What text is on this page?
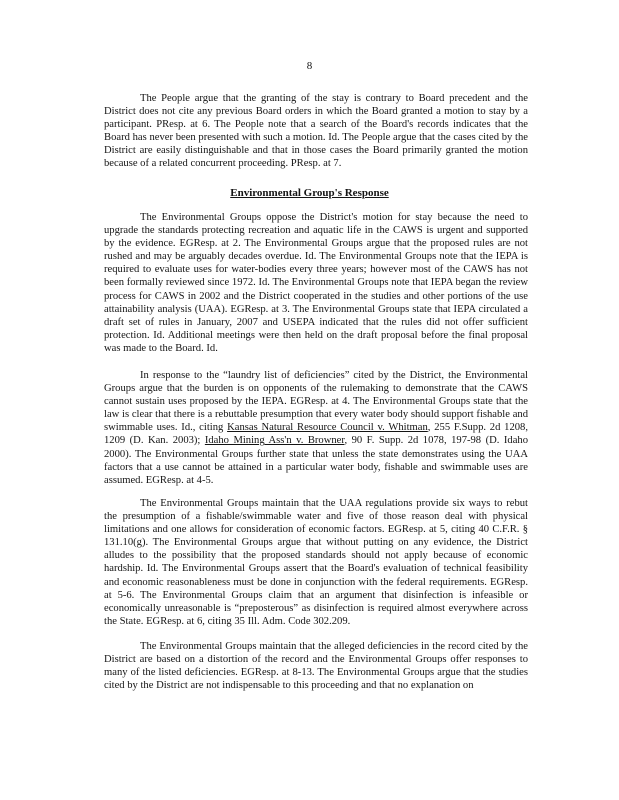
8

The People argue that the granting of the stay is contrary to Board precedent and the District does not cite any previous Board orders in which the Board granted a motion to stay by a participant. PResp. at 6. The People note that a search of the Board's records indicates that the Board has never been presented with such a motion. Id. The People argue that the cases cited by the District are easily distinguishable and that in those cases the Board primarily granted the motion because of a related concurrent proceeding. PResp. at 7.

Environmental Group's Response

The Environmental Groups oppose the District's motion for stay because the need to upgrade the standards protecting recreation and aquatic life in the CAWS is urgent and supported by the evidence. EGResp. at 2. The Environmental Groups argue that the proposed rules are not rushed and may be arguably decades overdue. Id. The Environmental Groups note that the IEPA is required to evaluate uses for water-bodies every three years; however most of the CAWS has not been formally reviewed since 1972. Id. The Environmental Groups note that IEPA began the review process for CAWS in 2002 and the District cooperated in the studies and other portions of the use attainability analysis (UAA). EGResp. at 3. The Environmental Groups state that IEPA circulated a draft set of rules in January, 2007 and USEPA indicated that the rules did not offer sufficient protection. Id. Additional meetings were then held on the draft proposal before the final proposal was made to the Board. Id.

In response to the “laundry list of deficiencies” cited by the District, the Environmental Groups argue that the burden is on opponents of the rulemaking to demonstrate that the CAWS cannot sustain uses proposed by the IEPA. EGResp. at 4. The Environmental Groups state that the law is clear that there is a rebuttable presumption that every water body should support fishable and swimmable uses. Id., citing Kansas Natural Resource Council v. Whitman, 255 F.Supp. 2d 1208, 1209 (D. Kan. 2003); Idaho Mining Ass'n v. Browner, 90 F. Supp. 2d 1078, 197-98 (D. Idaho 2000). The Environmental Groups further state that unless the state demonstrates using the UAA factors that a use cannot be attained in a particular water body, fishable and swimmable uses are assumed. EGResp. at 4-5.

The Environmental Groups maintain that the UAA regulations provide six ways to rebut the presumption of a fishable/swimmable water and five of those reason deal with physical limitations and one allows for consideration of economic factors. EGResp. at 5, citing 40 C.F.R. § 131.10(g). The Environmental Groups argue that without putting on any evidence, the District alludes to the possibility that the proposed standards should not apply because of economic hardship. Id. The Environmental Groups assert that the Board's evaluation of technical feasibility and economic reasonableness must be done in conjunction with the federal requirements. EGResp. at 5-6. The Environmental Groups claim that an argument that disinfection is infeasible or economically unreasonable is “preposterous” as disinfection is required almost everywhere across the State. EGResp. at 6, citing 35 Ill. Adm. Code 302.209.

The Environmental Groups maintain that the alleged deficiencies in the record cited by the District are based on a distortion of the record and the Environmental Groups offer responses to many of the listed deficiencies. EGResp. at 8-13. The Environmental Groups argue that the studies cited by the District are not indispensable to this proceeding and that no explanation on
